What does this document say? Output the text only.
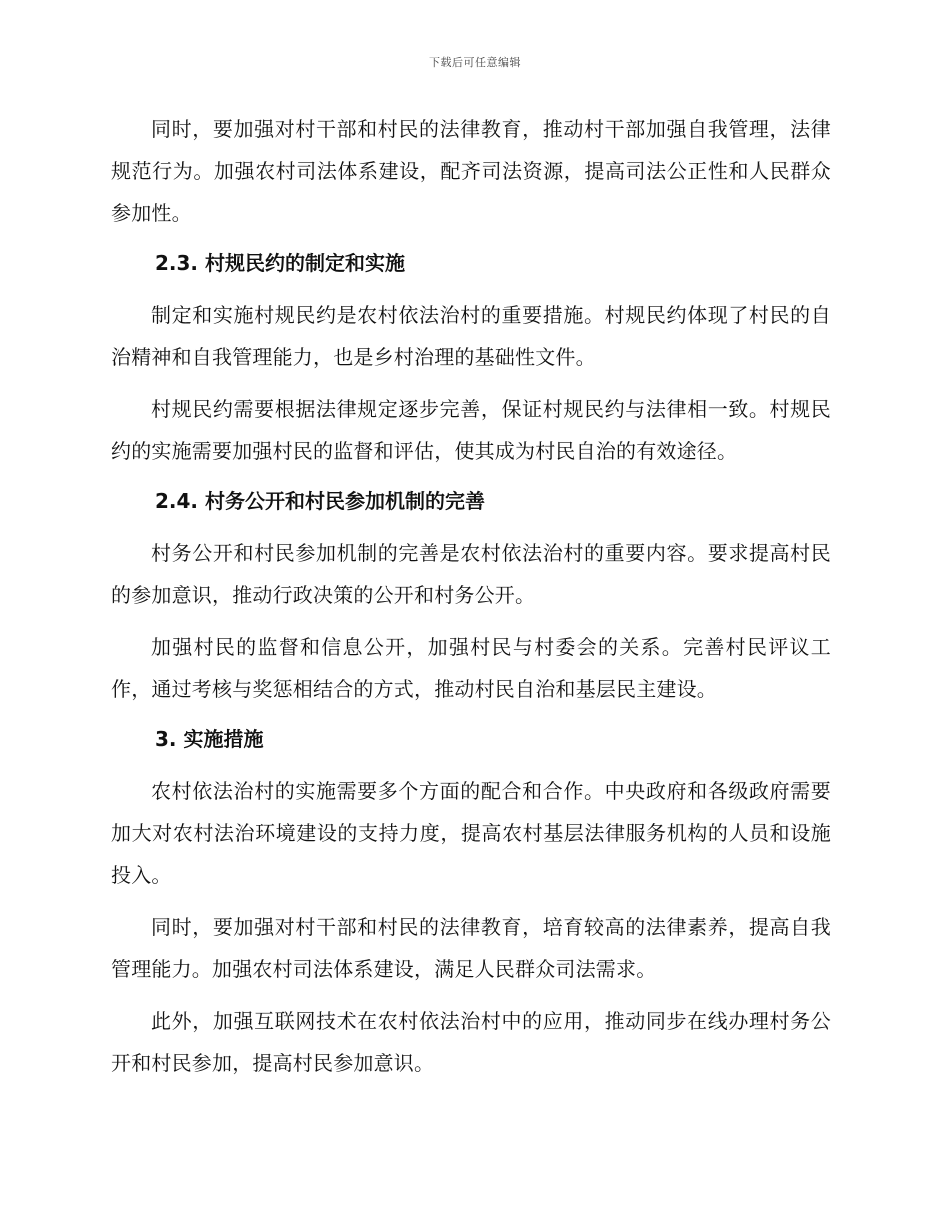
下载后可任意编辑

同时，要加强对村干部和村民的法律教育，推动村干部加强自我管理，法律规范行为。加强农村司法体系建设，配齐司法资源，提高司法公正性和人民群众参加性。

2.3. 村规民约的制定和实施

制定和实施村规民约是农村依法治村的重要措施。村规民约体现了村民的自治精神和自我管理能力，也是乡村治理的基础性文件。

村规民约需要根据法律规定逐步完善，保证村规民约与法律相一致。村规民约的实施需要加强村民的监督和评估，使其成为村民自治的有效途径。

2.4. 村务公开和村民参加机制的完善

村务公开和村民参加机制的完善是农村依法治村的重要内容。要求提高村民的参加意识，推动行政决策的公开和村务公开。

加强村民的监督和信息公开，加强村民与村委会的关系。完善村民评议工作，通过考核与奖惩相结合的方式，推动村民自治和基层民主建设。

3. 实施措施

农村依法治村的实施需要多个方面的配合和合作。中央政府和各级政府需要加大对农村法治环境建设的支持力度，提高农村基层法律服务机构的人员和设施投入。

同时，要加强对村干部和村民的法律教育，培育较高的法律素养，提高自我管理能力。加强农村司法体系建设，满足人民群众司法需求。

此外，加强互联网技术在农村依法治村中的应用，推动同步在线办理村务公开和村民参加，提高村民参加意识。
